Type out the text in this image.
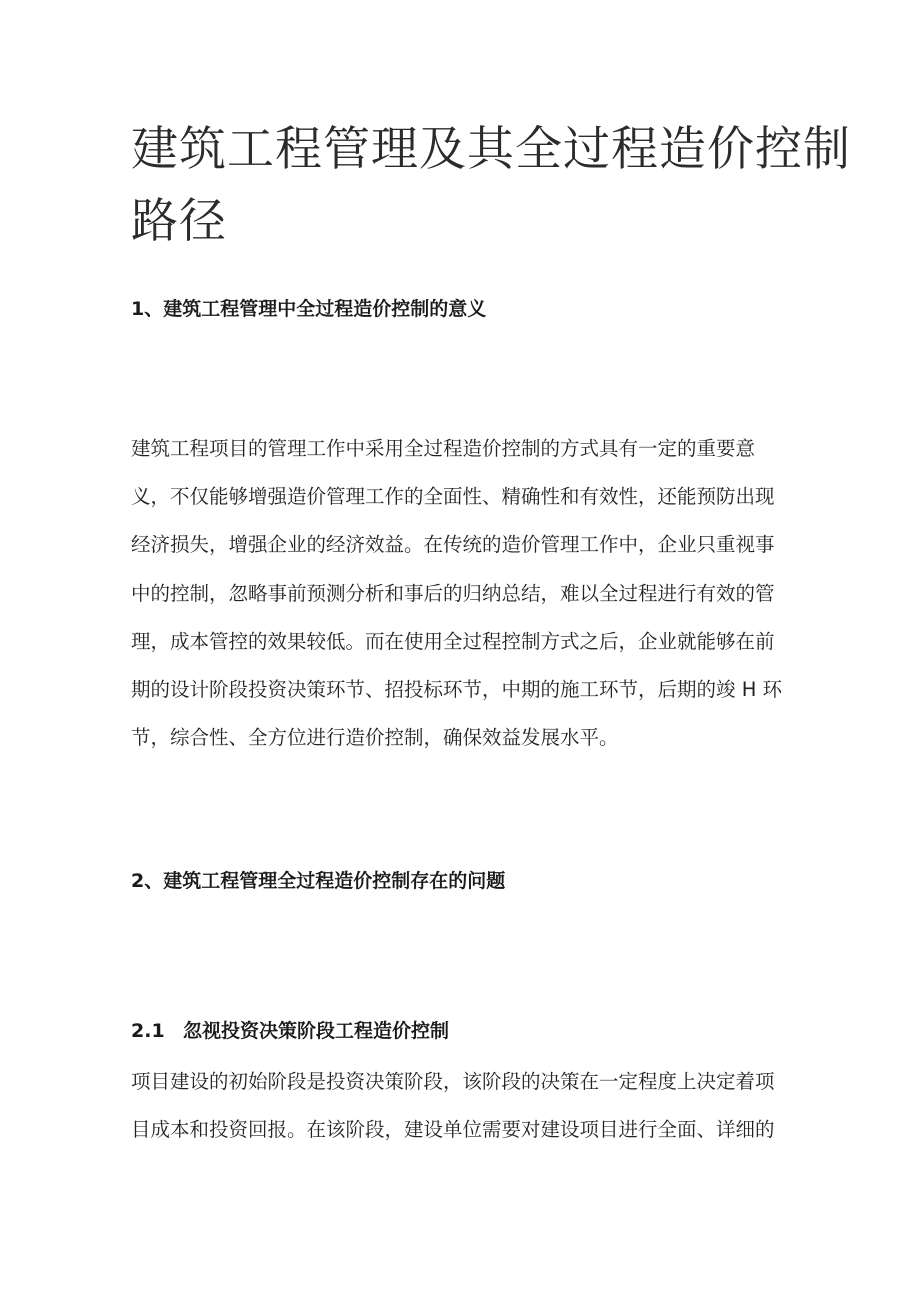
建筑工程管理及其全过程造价控制
路径
1、建筑工程管理中全过程造价控制的意义

建筑工程项目的管理工作中采用全过程造价控制的方式具有一定的重要意
义，不仅能够增强造价管理工作的全面性、精确性和有效性，还能预防出现
经济损失，增强企业的经济效益。在传统的造价管理工作中，企业只重视事
中的控制，忽略事前预测分析和事后的归纳总结，难以全过程进行有效的管
理，成本管控的效果较低。而在使用全过程控制方式之后，企业就能够在前
期的设计阶段投资决策环节、招投标环节，中期的施工环节，后期的竣 H 环
节，综合性、全方位进行造价控制，确保效益发展水平。

2、建筑工程管理全过程造价控制存在的问题
2.1 忽视投资决策阶段工程造价控制

项目建设的初始阶段是投资决策阶段，该阶段的决策在一定程度上决定着项
目成本和投资回报。在该阶段，建设单位需要对建设项目进行全面、详细的
